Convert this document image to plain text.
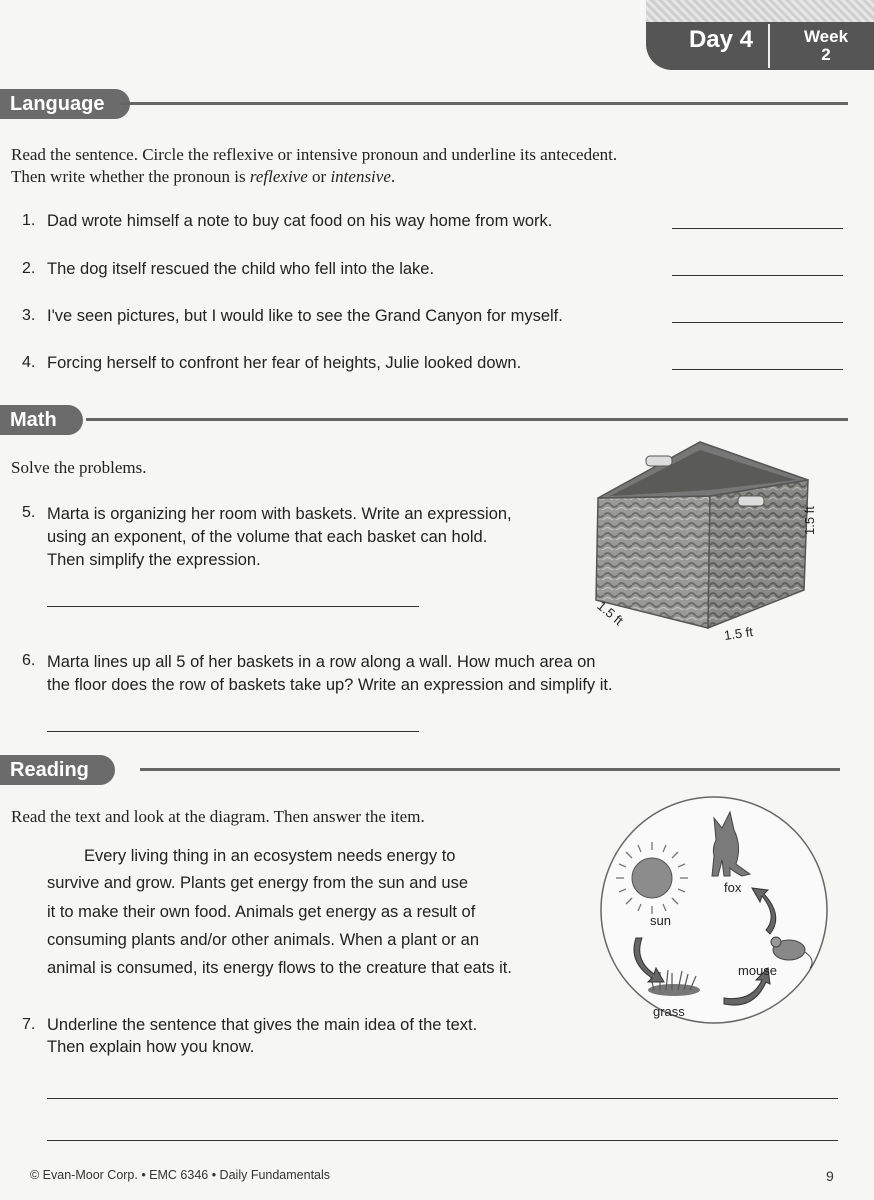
Day 4	Week
2
Language
Read the sentence. Circle the reflexive or intensive pronoun and underline its antecedent.
Then write whether the pronoun is reflexive or intensive.
1. Dad wrote himself a note to buy cat food on his way home from work.
2. The dog itself rescued the child who fell into the lake.
3. I've seen pictures, but I would like to see the Grand Canyon for myself.
4. Forcing herself to confront her fear of heights, Julie looked down.
Math
Solve the problems.
5. Marta is organizing her room with baskets. Write an expression,
using an exponent, of the volume that each basket can hold.
Then simplify the expression.
1.5 ft
1.5 ft
1.5 ft
6. Marta lines up all 5 of her baskets in a row along a wall. How much area on
the floor does the row of baskets take up? Write an expression and simplify it.
Reading
Read the text and look at the diagram. Then answer the item.
Every living thing in an ecosystem needs energy to
survive and grow. Plants get energy from the sun and use
it to make their own food. Animals get energy as a result of
consuming plants and/or other animals. When a plant or an
animal is consumed, its energy flows to the creature that eats it.
sun
fox
mouse
grass
7. Underline the sentence that gives the main idea of the text.
Then explain how you know.
© Evan-Moor Corp. • EMC 6346 • Daily Fundamentals	9
